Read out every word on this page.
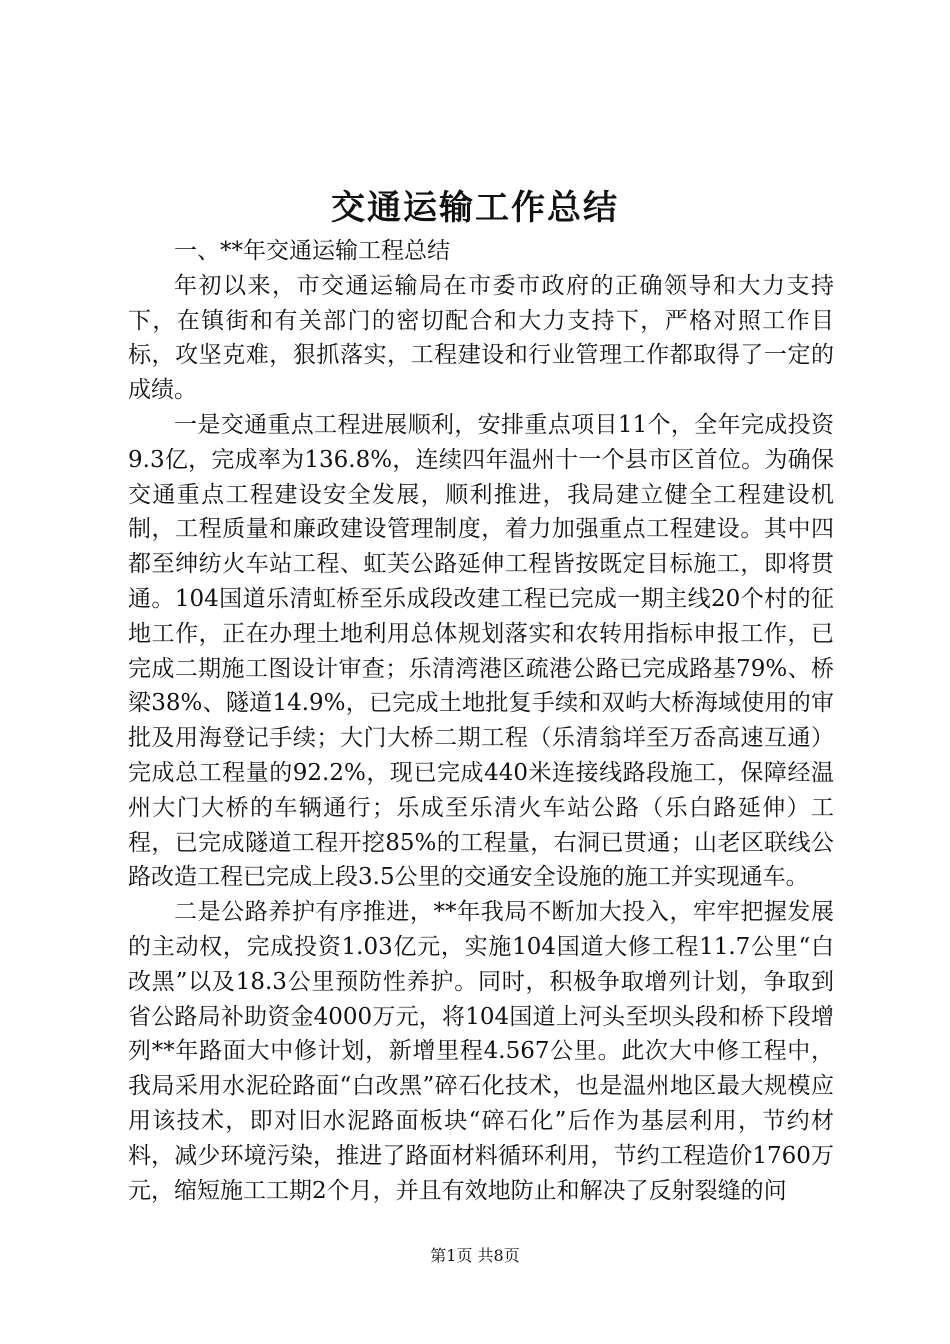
交通运输工作总结

一、**年交通运输工程总结

年初以来，市交通运输局在市委市政府的正确领导和大力支持下，在镇街和有关部门的密切配合和大力支持下，严格对照工作目标，攻坚克难，狠抓落实，工程建设和行业管理工作都取得了一定的成绩。

一是交通重点工程进展顺利，安排重点项目11个，全年完成投资9.3亿，完成率为136.8%，连续四年温州十一个县市区首位。为确保交通重点工程建设安全发展，顺利推进，我局建立健全工程建设机制，工程质量和廉政建设管理制度，着力加强重点工程建设。其中四都至绅纺火车站工程、虹芙公路延伸工程皆按既定目标施工，即将贯通。104国道乐清虹桥至乐成段改建工程已完成一期主线20个村的征地工作，正在办理土地利用总体规划落实和农转用指标申报工作，已完成二期施工图设计审查；乐清湾港区疏港公路已完成路基79%、桥梁38%、隧道14.9%，已完成土地批复手续和双屿大桥海域使用的审批及用海登记手续；大门大桥二期工程（乐清翁垟至万岙高速互通）完成总工程量的92.2%，现已完成440米连接线路段施工，保障经温州大门大桥的车辆通行；乐成至乐清火车站公路（乐白路延伸）工程，已完成隧道工程开挖85%的工程量，右洞已贯通；山老区联线公路改造工程已完成上段3.5公里的交通安全设施的施工并实现通车。

二是公路养护有序推进，**年我局不断加大投入，牢牢把握发展的主动权，完成投资1.03亿元，实施104国道大修工程11.7公里“白改黑”以及18.3公里预防性养护。同时，积极争取增列计划，争取到省公路局补助资金4000万元，将104国道上河头至坝头段和桥下段增列**年路面大中修计划，新增里程4.567公里。此次大中修工程中，我局采用水泥砼路面“白改黑”碎石化技术，也是温州地区最大规模应用该技术，即对旧水泥路面板块“碎石化”后作为基层利用，节约材料，减少环境污染，推进了路面材料循环利用，节约工程造价1760万元，缩短施工工期2个月，并且有效地防止和解决了反射裂缝的问

第1页 共8页
